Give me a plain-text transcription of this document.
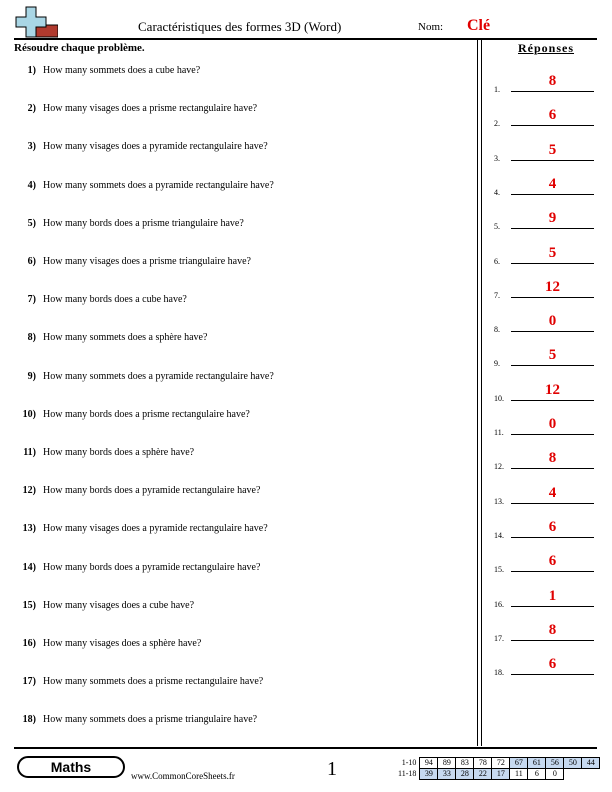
Caractéristiques des formes 3D (Word)	Nom: Clé
Résoudre chaque problème.
1) How many sommets does a cube have?
2) How many visages does a prisme rectangulaire have?
3) How many visages does a pyramide rectangulaire have?
4) How many sommets does a pyramide rectangulaire have?
5) How many bords does a prisme triangulaire have?
6) How many visages does a prisme triangulaire have?
7) How many bords does a cube have?
8) How many sommets does a sphère have?
9) How many sommets does a pyramide rectangulaire have?
10) How many bords does a prisme rectangulaire have?
11) How many bords does a sphère have?
12) How many bords does a pyramide rectangulaire have?
13) How many visages does a pyramide rectangulaire have?
14) How many bords does a pyramide rectangulaire have?
15) How many visages does a cube have?
16) How many visages does a sphère have?
17) How many sommets does a prisme rectangulaire have?
18) How many sommets does a prisme triangulaire have?
Réponses
1.
8
2.
6
3.
5
4.
4
5.
9
6.
5
7.
12
8.
0
9.
5
10.
12
11.
0
12.
8
13.
4
14.
6
15.
6
16.
1
17.
8
18.
6
Maths
www.CommonCoreSheets.fr	1	1-10	94	89	83	78	72	67	61	56	50	44
11-18	39	33	28	22	17	11	6	0		
